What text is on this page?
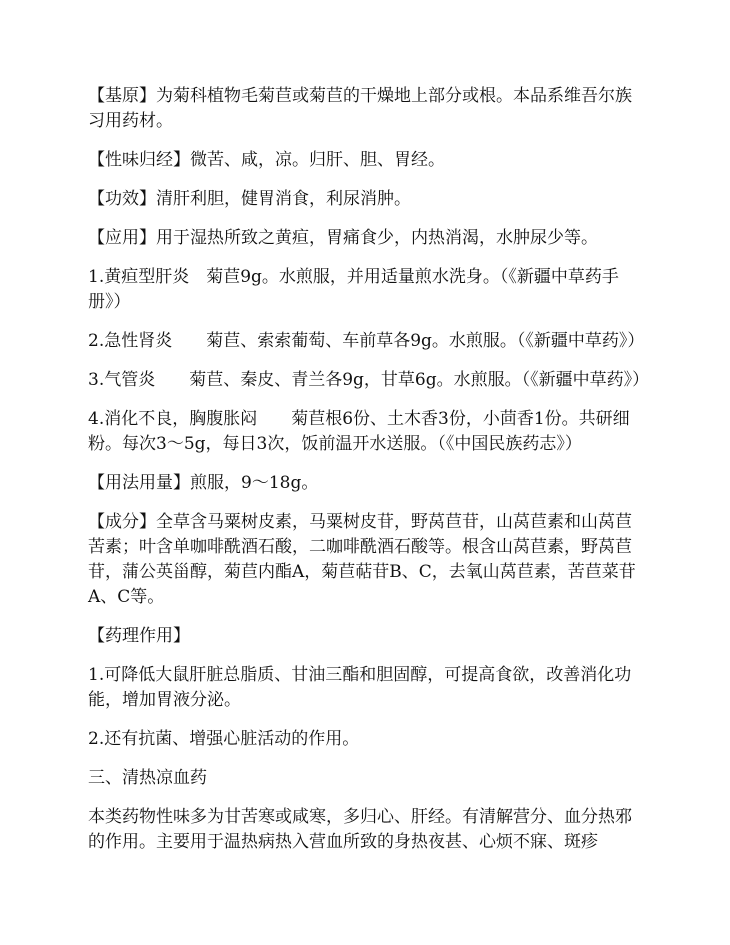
【基原】为菊科植物毛菊苣或菊苣的干燥地上部分或根。本品系维吾尔族习用药材。

【性味归经】微苦、咸，凉。归肝、胆、胃经。

【功效】清肝利胆，健胃消食，利尿消肿。

【应用】用于湿热所致之黄疸，胃痛食少，内热消渴，水肿尿少等。

1.黄疸型肝炎　菊苣9g。水煎服，并用适量煎水洗身。（《新疆中草药手册》）

2.急性肾炎　　菊苣、索索葡萄、车前草各9g。水煎服。（《新疆中草药》）

3.气管炎　　菊苣、秦皮、青兰各9g，甘草6g。水煎服。（《新疆中草药》）

4.消化不良，胸腹胀闷　　菊苣根6份、土木香3份，小茴香1份。共研细粉。每次3～5g，每日3次，饭前温开水送服。（《中国民族药志》）

【用法用量】煎服，9～18g。

【成分】全草含马粟树皮素，马粟树皮苷，野莴苣苷，山莴苣素和山莴苣苦素；叶含单咖啡酰酒石酸，二咖啡酰酒石酸等。根含山莴苣素，野莴苣苷，蒲公英甾醇，菊苣内酯A，菊苣萜苷B、C，去氧山莴苣素，苦苣菜苷A、C等。

【药理作用】

1.可降低大鼠肝脏总脂质、甘油三酯和胆固醇，可提高食欲，改善消化功能，增加胃液分泌。

2.还有抗菌、增强心脏活动的作用。

三、清热凉血药

本类药物性味多为甘苦寒或咸寒，多归心、肝经。有清解营分、血分热邪的作用。主要用于温热病热入营血所致的身热夜甚、心烦不寐、斑疹
